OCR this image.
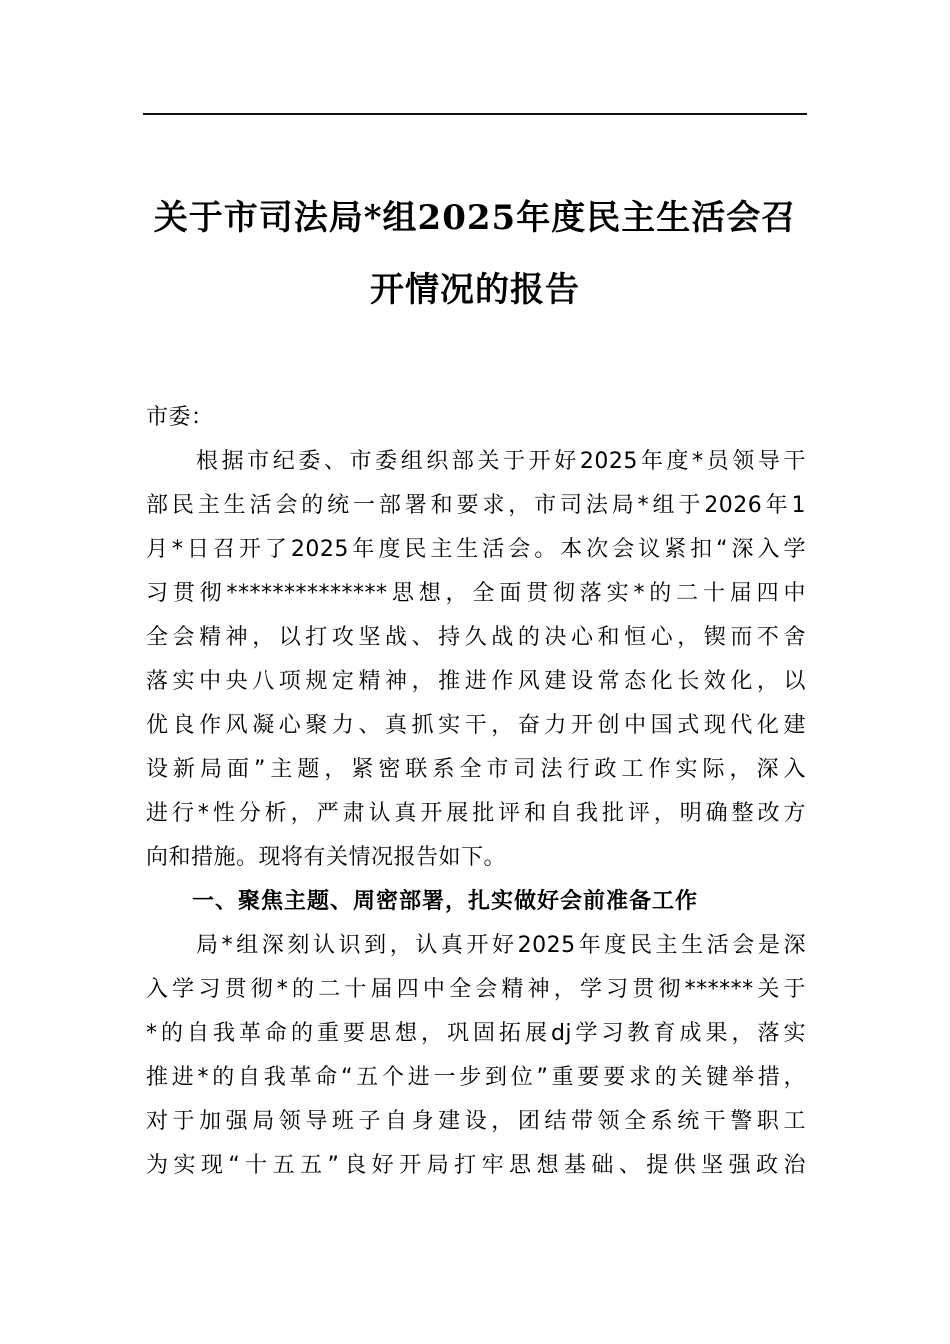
关于市司法局*组2025年度民主生活会召
开情况的报告
市委：
根据市纪委、市委组织部关于开好2025年度*员领导干
部民主生活会的统一部署和要求，市司法局*组于2026年1
月*日召开了2025年度民主生活会。本次会议紧扣“深入学
习贯彻**************思想，全面贯彻落实*的二十届四中
全会精神，以打攻坚战、持久战的决心和恒心，锲而不舍
落实中央八项规定精神，推进作风建设常态化长效化，以
优良作风凝心聚力、真抓实干，奋力开创中国式现代化建
设新局面”主题，紧密联系全市司法行政工作实际，深入
进行*性分析，严肃认真开展批评和自我批评，明确整改方
向和措施。现将有关情况报告如下。
一、聚焦主题、周密部署，扎实做好会前准备工作
局*组深刻认识到，认真开好2025年度民主生活会是深
入学习贯彻*的二十届四中全会精神，学习贯彻******关于
*的自我革命的重要思想，巩固拓展dj学习教育成果，落实
推进*的自我革命“五个进一步到位”重要要求的关键举措，
对于加强局领导班子自身建设，团结带领全系统干警职工
为实现“十五五”良好开局打牢思想基础、提供坚强政治
